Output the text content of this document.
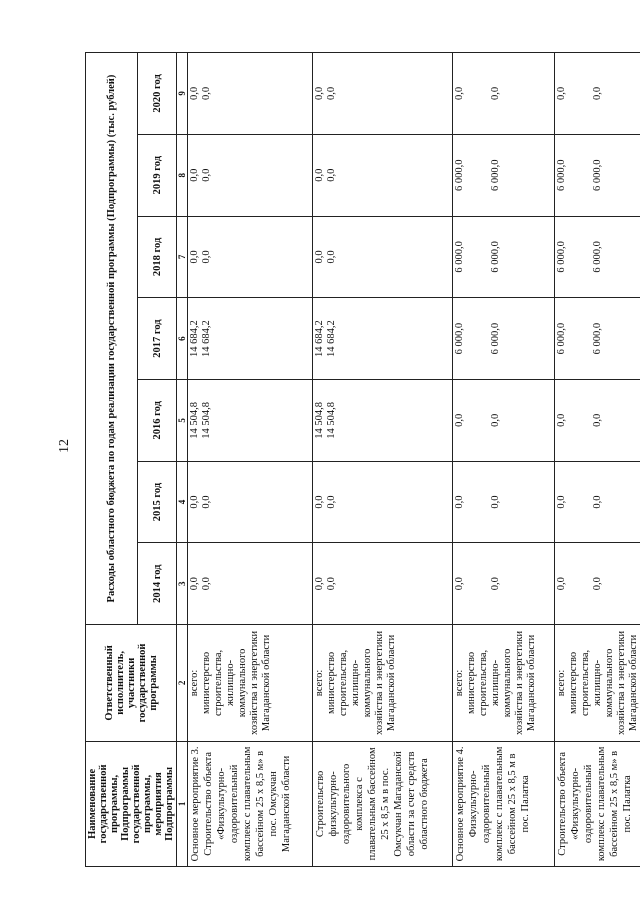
12
Наименование государственной программы, Подпрограммы государственной программы, мероприятия Подпрограммы	Ответственный исполнитель, участники государственной программы	Расходы областного бюджета по годам реализации государственной программы (Подпрограммы) (тыс. рублей)						
		2014 год	2015 год	2016 год	2017 год	2018 год	2019 год	2020 год
1	2	3	4	5	6	7	8	9
Основное мероприятие 3. Строительство объекта «Физкультурно-оздоровительный комплекс с плавательным бассейном 25 х 8,5 м» в пос. Омсукчан Магаданской области	всего: министерство строительства, жилищно-коммунального хозяйства и энергетики Магаданской области	0,0 0,0	0,0 0,0	14 504,8 14 504,8	14 684,2 14 684,2	0,0 0,0	0,0 0,0	0,0 0,0

Строительство физкультурно-оздоровительного комплекса с плавательным бассейном 25 х 8,5 м в пос. Омсукчан Магаданской области за счет средств областного бюджета	всего: министерство строительства, жилищно-коммунального хозяйства и энергетики Магаданской области	0,0 0,0	0,0 0,0	14 504,8 14 504,8	14 684,2 14 684,2	0,0 0,0	0,0 0,0	0,0 0,0

Основное мероприятие 4. Физкультурно-оздоровительный комплекс с плавательным бассейном 25 х 8,5 м в пос. Палатка	всего: министерство строительства, жилищно-коммунального хозяйства и энергетики Магаданской области	0,0 0,0	0,0 0,0	0,0 0,0	6 000,0 6 000,0	6 000,0 6 000,0	6 000,0 6 000,0	0,0 0,0

Строительство объекта «Физкультурно-оздоровительный комплекс с плавательным бассейном 25 х 8,5 м» в пос. Палатка	всего: министерство строительства, жилищно-коммунального хозяйства и энергетики Магаданской области	0,0 0,0	0,0 0,0	0,0 0,0	6 000,0 6 000,0	6 000,0 6 000,0	6 000,0 6 000,0	0,0 0,0
